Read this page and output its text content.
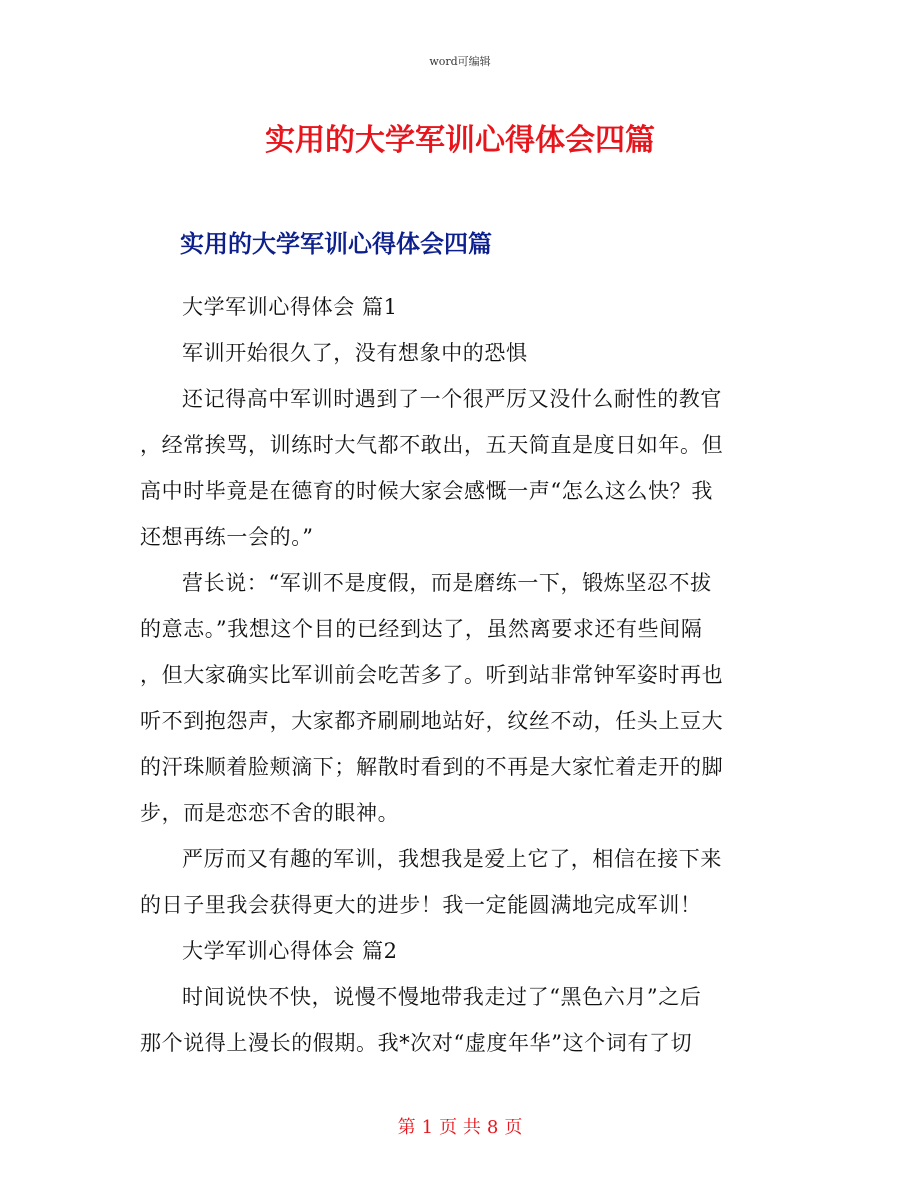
word可编辑
实用的大学军训心得体会四篇
实用的大学军训心得体会四篇
大学军训心得体会 篇1
军训开始很久了，没有想象中的恐惧
还记得高中军训时遇到了一个很严厉又没什么耐性的教官
，经常挨骂，训练时大气都不敢出，五天简直是度日如年。但
高中时毕竟是在德育的时候大家会感慨一声“怎么这么快？我
还想再练一会的。”
营长说：“军训不是度假，而是磨练一下，锻炼坚忍不拔
的意志。”我想这个目的已经到达了，虽然离要求还有些间隔
，但大家确实比军训前会吃苦多了。听到站非常钟军姿时再也
听不到抱怨声，大家都齐刷刷地站好，纹丝不动，任头上豆大
的汗珠顺着脸颊滴下；解散时看到的不再是大家忙着走开的脚
步，而是恋恋不舍的眼神。
严厉而又有趣的军训，我想我是爱上它了，相信在接下来
的日子里我会获得更大的进步！我一定能圆满地完成军训！
大学军训心得体会 篇2
时间说快不快，说慢不慢地带我走过了“黑色六月”之后
那个说得上漫长的假期。我*次对“虚度年华”这个词有了切
第 1 页 共 8 页
